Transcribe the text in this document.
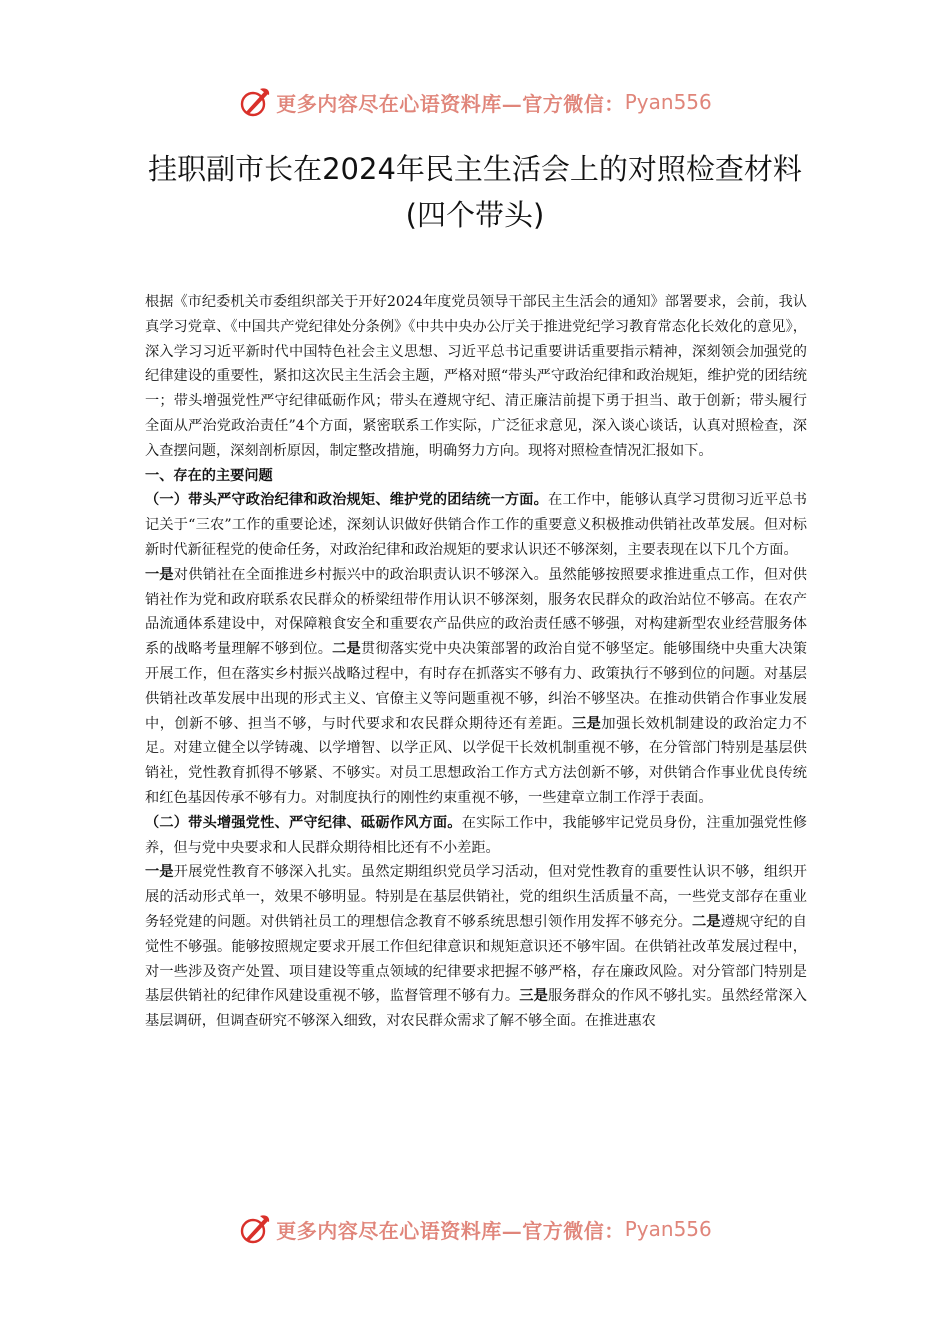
更多内容尽在心语资料库—官方微信： Pyan556
挂职副市长在2024年民主生活会上的对照检查材料
(四个带头)

根据《市纪委机关市委组织部关于开好2024年度党员领导干部民主生活会的通知》部署要求，会前，我认真学习党章、《中国共产党纪律处分条例》《中共中央办公厅关于推进党纪学习教育常态化长效化的意见》，深入学习习近平新时代中国特色社会主义思想、习近平总书记重要讲话重要指示精神，深刻领会加强党的纪律建设的重要性，紧扣这次民主生活会主题，严格对照“带头严守政治纪律和政治规矩，维护党的团结统一；带头增强党性严守纪律砥砺作风；带头在遵规守纪、清正廉洁前提下勇于担当、敢于创新；带头履行全面从严治党政治责任”4个方面，紧密联系工作实际，广泛征求意见，深入谈心谈话，认真对照检查，深入查摆问题，深刻剖析原因，制定整改措施，明确努力方向。现将对照检查情况汇报如下。

一、存在的主要问题

（一）带头严守政治纪律和政治规矩、维护党的团结统一方面。在工作中，能够认真学习贯彻习近平总书记关于“三农”工作的重要论述，深刻认识做好供销合作工作的重要意义积极推动供销社改革发展。但对标新时代新征程党的使命任务，对政治纪律和政治规矩的要求认识还不够深刻，主要表现在以下几个方面。

一是对供销社在全面推进乡村振兴中的政治职责认识不够深入。虽然能够按照要求推进重点工作，但对供销社作为党和政府联系农民群众的桥梁纽带作用认识不够深刻，服务农民群众的政治站位不够高。在农产品流通体系建设中，对保障粮食安全和重要农产品供应的政治责任感不够强，对构建新型农业经营服务体系的战略考量理解不够到位。二是贯彻落实党中央决策部署的政治自觉不够坚定。能够围绕中央重大决策开展工作，但在落实乡村振兴战略过程中，有时存在抓落实不够有力、政策执行不够到位的问题。对基层供销社改革发展中出现的形式主义、官僚主义等问题重视不够，纠治不够坚决。在推动供销合作事业发展中，创新不够、担当不够，与时代要求和农民群众期待还有差距。三是加强长效机制建设的政治定力不足。对建立健全以学铸魂、以学增智、以学正风、以学促干长效机制重视不够，在分管部门特别是基层供销社，党性教育抓得不够紧、不够实。对员工思想政治工作方式方法创新不够，对供销合作事业优良传统和红色基因传承不够有力。对制度执行的刚性约束重视不够，一些建章立制工作浮于表面。

（二）带头增强党性、严守纪律、砥砺作风方面。在实际工作中，我能够牢记党员身份，注重加强党性修养，但与党中央要求和人民群众期待相比还有不小差距。

一是开展党性教育不够深入扎实。虽然定期组织党员学习活动，但对党性教育的重要性认识不够，组织开展的活动形式单一，效果不够明显。特别是在基层供销社，党的组织生活质量不高，一些党支部存在重业务轻党建的问题。对供销社员工的理想信念教育不够系统思想引领作用发挥不够充分。二是遵规守纪的自觉性不够强。能够按照规定要求开展工作但纪律意识和规矩意识还不够牢固。在供销社改革发展过程中，对一些涉及资产处置、项目建设等重点领域的纪律要求把握不够严格，存在廉政风险。对分管部门特别是基层供销社的纪律作风建设重视不够，监督管理不够有力。三是服务群众的作风不够扎实。虽然经常深入基层调研，但调查研究不够深入细致，对农民群众需求了解不够全面。在推进惠农

更多内容尽在心语资料库—官方微信： Pyan556
